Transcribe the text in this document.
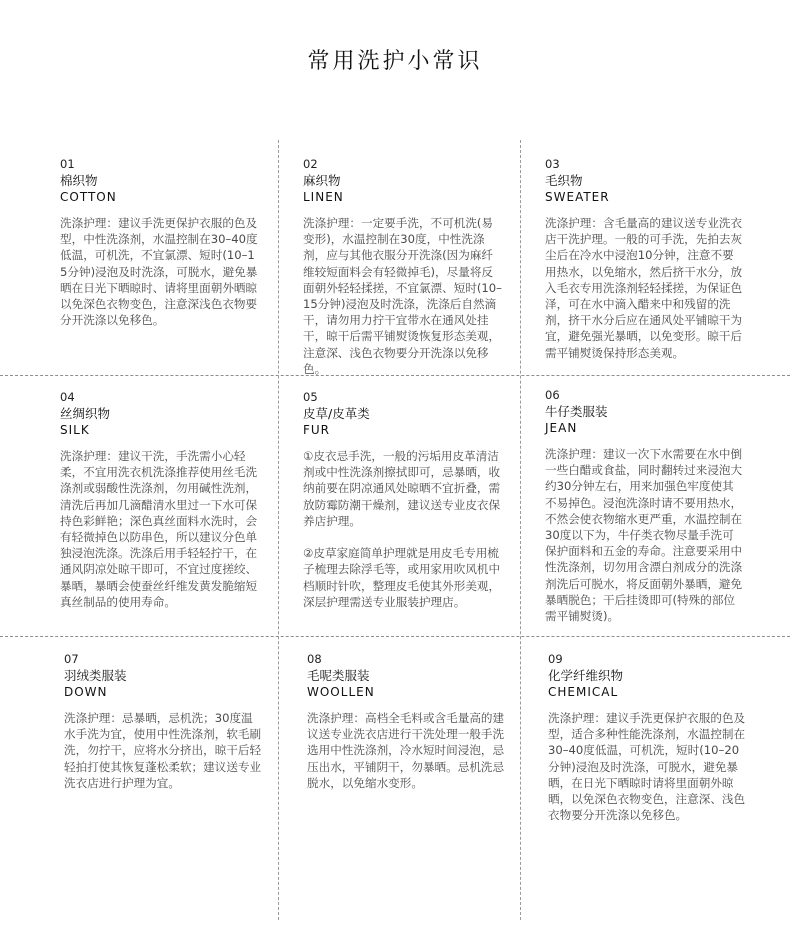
常用洗护小常识
01
棉织物
COTTON
洗涤护理：建议手洗更保护衣服的色及型，中性洗涤剂，水温控制在30–40度低温，可机洗，不宜氯漂、短时(10–15分钟)浸泡及时洗涤，可脱水，避免暴晒在日光下晒晾时、请将里面朝外晒晾以免深色衣物变色，注意深浅色衣物要分开洗涤以免移色。
02
麻织物
LINEN
洗涤护理：一定要手洗，不可机洗(易变形)，水温控制在30度，中性洗涤剂，应与其他衣服分开洗涤(因为麻纤维较短面料会有轻微掉毛)，尽量将反面朝外轻轻揉搓，不宜氯漂、短时(10–15分钟)浸泡及时洗涤，洗涤后自然滴干，请勿用力拧干宜带水在通风处挂干，晾干后需平铺熨烫恢复形态美观，注意深、浅色衣物要分开洗涤以免移色。
03
毛织物
SWEATER
洗涤护理：含毛量高的建议送专业洗衣店干洗护理。一般的可手洗，先拍去灰尘后在冷水中浸泡10分钟，注意不要用热水，以免缩水，然后挤干水分，放入毛衣专用洗涤剂轻轻揉搓，为保证色泽，可在水中滴入醋来中和残留的洗剂，挤干水分后应在通风处平铺晾干为宜，避免强光暴晒，以免变形。晾干后需平铺熨烫保持形态美观。
04
丝绸织物
SILK
洗涤护理：建议干洗，手洗需小心轻柔，不宜用洗衣机洗涤推荐使用丝毛洗涤剂或弱酸性洗涤剂，勿用碱性洗剂，清洗后再加几滴醋清水里过一下水可保持色彩鲜艳；深色真丝面料水洗时，会有轻微掉色以防串色，所以建议分色单独浸泡洗涤。洗涤后用手轻轻拧干，在通风阴凉处晾干即可，不宜过度搓绞、暴晒，暴晒会使蚕丝纤维发黄发脆缩短真丝制品的使用寿命。
05
皮草/皮革类
FUR
①皮衣忌手洗，一般的污垢用皮革清洁剂或中性洗涤剂擦拭即可，忌暴晒，收纳前要在阴凉通风处晾晒不宜折叠，需放防霉防潮干燥剂，建议送专业皮衣保养店护理。

②皮草家庭简单护理就是用皮毛专用梳子梳理去除浮毛等，或用家用吹风机中档顺时针吹，整理皮毛使其外形美观，深层护理需送专业服装护理店。
06
牛仔类服装
JEAN
洗涤护理：建议一次下水需要在水中倒一些白醋或食盐，同时翻转过来浸泡大约30分钟左右，用来加强色牢度使其不易掉色。浸泡洗涤时请不要用热水，不然会使衣物缩水更严重，水温控制在30度以下为，牛仔类衣物尽量手洗可保护面料和五金的寿命。注意要采用中性洗涤剂，切勿用含漂白剂成分的洗涤剂洗后可脱水，将反面朝外暴晒，避免暴晒脱色；干后挂烫即可(特殊的部位需平铺熨烫)。
07
羽绒类服装
DOWN
洗涤护理：忌暴晒，忌机洗；30度温水手洗为宜，使用中性洗涤剂，软毛刷洗，勿拧干，应将水分挤出，晾干后轻轻拍打使其恢复蓬松柔软；建议送专业洗衣店进行护理为宜。
08
毛呢类服装
WOOLLEN
洗涤护理：高档全毛料或含毛量高的建议送专业洗衣店进行干洗处理一般手洗选用中性洗涤剂，冷水短时间浸泡，忌压出水，平铺阴干，勿暴晒。忌机洗忌脱水，以免缩水变形。
09
化学纤维织物
CHEMICAL
洗涤护理：建议手洗更保护衣服的色及型，适合多种性能洗涤剂，水温控制在30–40度低温，可机洗，短时(10–20分钟)浸泡及时洗涤，可脱水，避免暴晒，在日光下晒晾时请将里面朝外晾晒，以免深色衣物变色，注意深、浅色衣物要分开洗涤以免移色。
